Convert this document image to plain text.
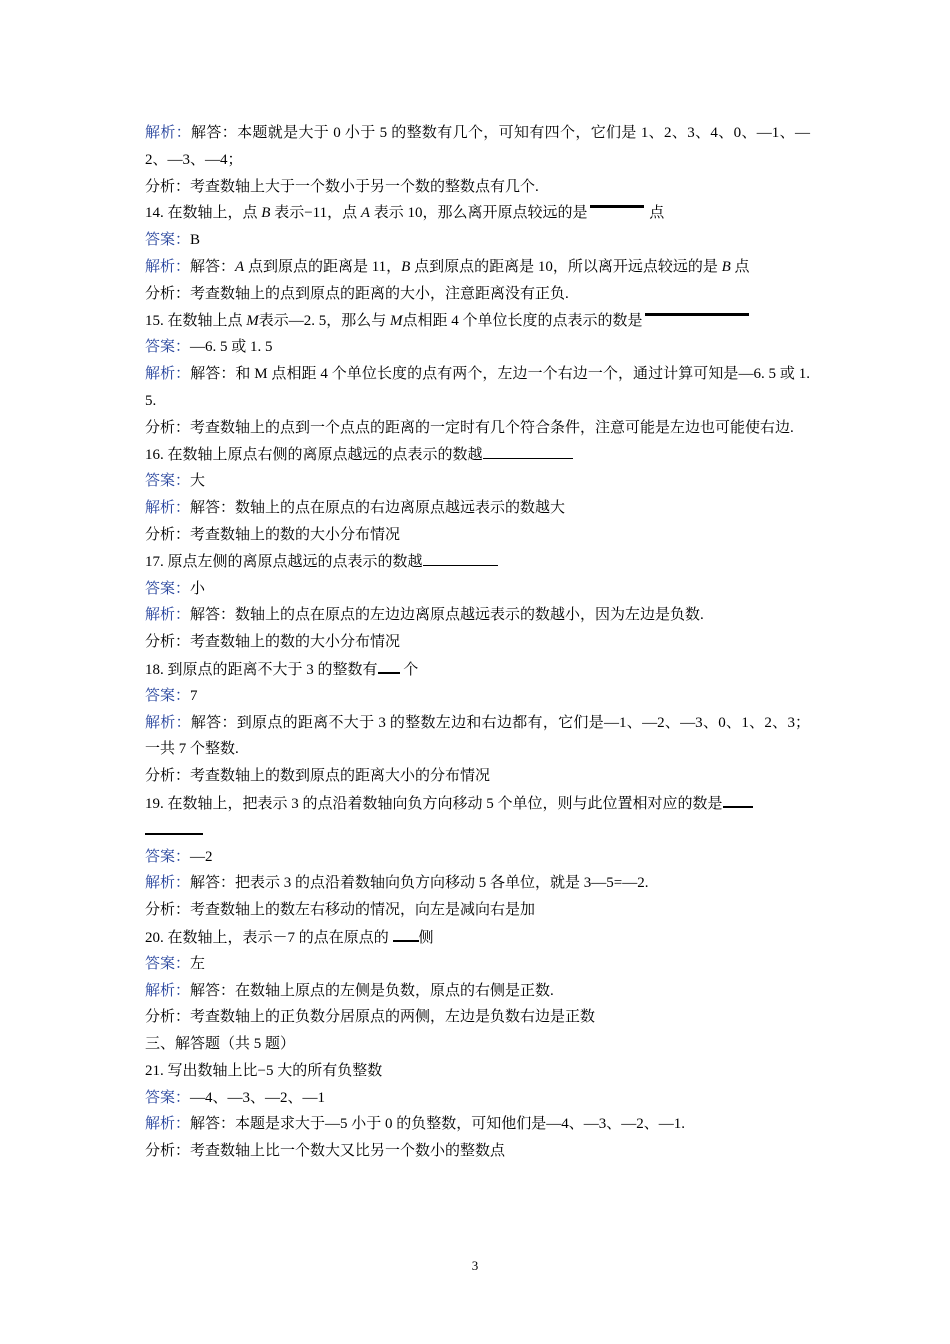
解析：解答：本题就是大于 0 小于 5 的整数有几个，可知有四个，它们是 1、2、3、4、0、—1、—2、—3、—4；
分析：考查数轴上大于一个数小于另一个数的整数点有几个.
14. 在数轴上，点 B 表示−11，点 A 表示 10，那么离开原点较远的是	点
答案：B
解析：解答：A 点到原点的距离是 11，B 点到原点的距离是 10，所以离开远点较远的是 B 点
分析：考查数轴上的点到原点的距离的大小，注意距离没有正负.
15. 在数轴上点 M表示—2. 5，那么与 M点相距 4 个单位长度的点表示的数是
答案：—6. 5 或 1. 5
解析：解答：和 M 点相距 4 个单位长度的点有两个，左边一个右边一个，通过计算可知是—6. 5 或 1. 5.
分析：考查数轴上的点到一个点点的距离的一定时有几个符合条件，注意可能是左边也可能使右边.
16. 在数轴上原点右侧的离原点越远的点表示的数越
答案：大
解析：解答：数轴上的点在原点的右边离原点越远表示的数越大
分析：考查数轴上的数的大小分布情况
17. 原点左侧的离原点越远的点表示的数越
答案：小
解析：解答：数轴上的点在原点的左边边离原点越远表示的数越小，因为左边是负数.
分析：考查数轴上的数的大小分布情况
18. 到原点的距离不大于 3 的整数有 个
答案：7
解析：解答：到原点的距离不大于 3 的整数左边和右边都有，它们是—1、—2、—3、0、1、2、3；一共 7 个整数.
分析：考查数轴上的数到原点的距离大小的分布情况
19. 在数轴上，把表示 3 的点沿着数轴向负方向移动 5 个单位，则与此位置相对应的数是
答案：—2
解析：解答：把表示 3 的点沿着数轴向负方向移动 5 各单位，就是 3—5=—2.
分析：考查数轴上的数左右移动的情况，向左是减向右是加
20. 在数轴上，表示－7 的点在原点的 侧
答案：左
解析：解答：在数轴上原点的左侧是负数，原点的右侧是正数.
分析：考查数轴上的正负数分居原点的两侧，左边是负数右边是正数
三、解答题（共 5 题）
21. 写出数轴上比−5 大的所有负整数
答案：—4、—3、—2、—1
解析：解答：本题是求大于—5 小于 0 的负整数，可知他们是—4、—3、—2、—1.
分析：考查数轴上比一个数大又比另一个数小的整数点
3
